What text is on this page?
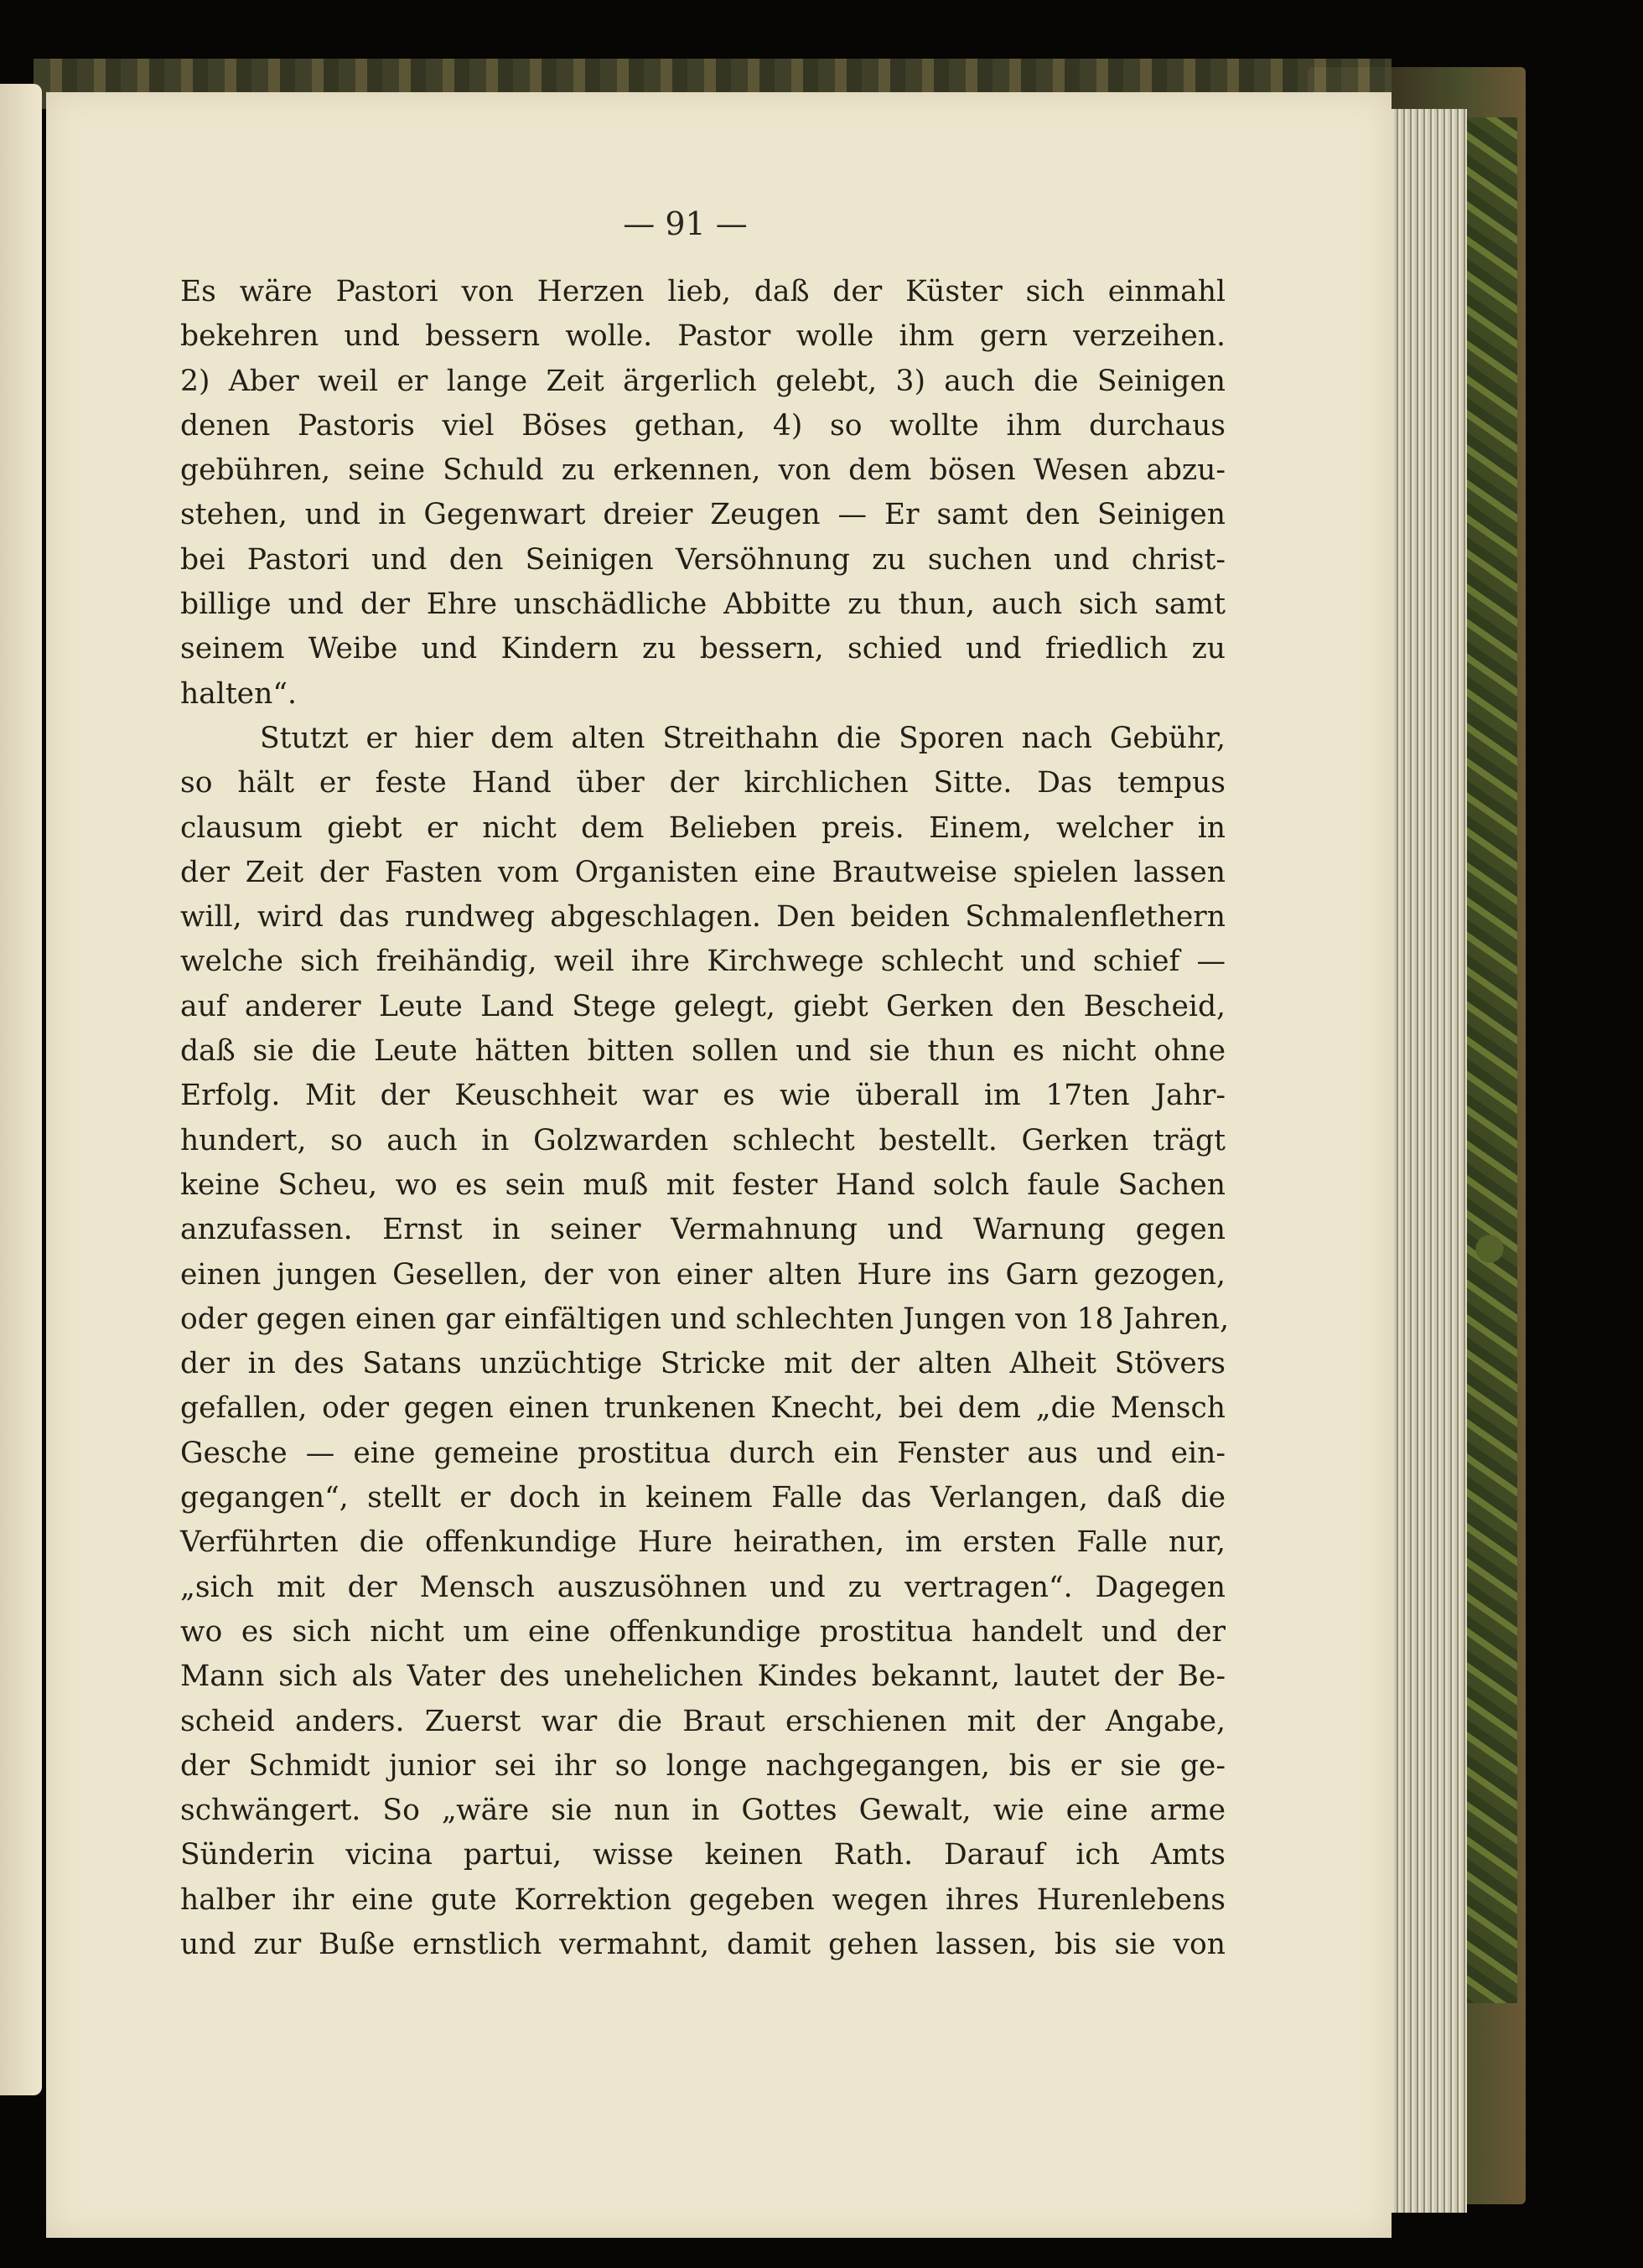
— 91 —
Es wäre Pastori von Herzen lieb, daß der Küster sich einmahl
bekehren und bessern wolle. Pastor wolle ihm gern verzeihen.
2) Aber weil er lange Zeit ärgerlich gelebt, 3) auch die Seinigen
denen Pastoris viel Böses gethan, 4) so wollte ihm durchaus
gebühren, seine Schuld zu erkennen, von dem bösen Wesen abzu-
stehen, und in Gegenwart dreier Zeugen — Er samt den Seinigen
bei Pastori und den Seinigen Versöhnung zu suchen und christ-
billige und der Ehre unschädliche Abbitte zu thun, auch sich samt
seinem Weibe und Kindern zu bessern, schied und friedlich zu
halten“.
Stutzt er hier dem alten Streithahn die Sporen nach Gebühr,
so hält er feste Hand über der kirchlichen Sitte. Das tempus
clausum giebt er nicht dem Belieben preis. Einem, welcher in
der Zeit der Fasten vom Organisten eine Brautweise spielen lassen
will, wird das rundweg abgeschlagen. Den beiden Schmalenflethern
welche sich freihändig, weil ihre Kirchwege schlecht und schief —
auf anderer Leute Land Stege gelegt, giebt Gerken den Bescheid,
daß sie die Leute hätten bitten sollen und sie thun es nicht ohne
Erfolg. Mit der Keuschheit war es wie überall im 17ten Jahr-
hundert, so auch in Golzwarden schlecht bestellt. Gerken trägt
keine Scheu, wo es sein muß mit fester Hand solch faule Sachen
anzufassen. Ernst in seiner Vermahnung und Warnung gegen
einen jungen Gesellen, der von einer alten Hure ins Garn gezogen,
oder gegen einen gar einfältigen und schlechten Jungen von 18 Jahren,
der in des Satans unzüchtige Stricke mit der alten Alheit Stövers
gefallen, oder gegen einen trunkenen Knecht, bei dem „die Mensch
Gesche — eine gemeine prostitua durch ein Fenster aus und ein-
gegangen“, stellt er doch in keinem Falle das Verlangen, daß die
Verführten die offenkundige Hure heirathen, im ersten Falle nur,
„sich mit der Mensch auszusöhnen und zu vertragen“. Dagegen
wo es sich nicht um eine offenkundige prostitua handelt und der
Mann sich als Vater des unehelichen Kindes bekannt, lautet der Be-
scheid anders. Zuerst war die Braut erschienen mit der Angabe,
der Schmidt junior sei ihr so longe nachgegangen, bis er sie ge-
schwängert. So „wäre sie nun in Gottes Gewalt, wie eine arme
Sünderin vicina partui, wisse keinen Rath. Darauf ich Amts
halber ihr eine gute Korrektion gegeben wegen ihres Hurenlebens
und zur Buße ernstlich vermahnt, damit gehen lassen, bis sie von
